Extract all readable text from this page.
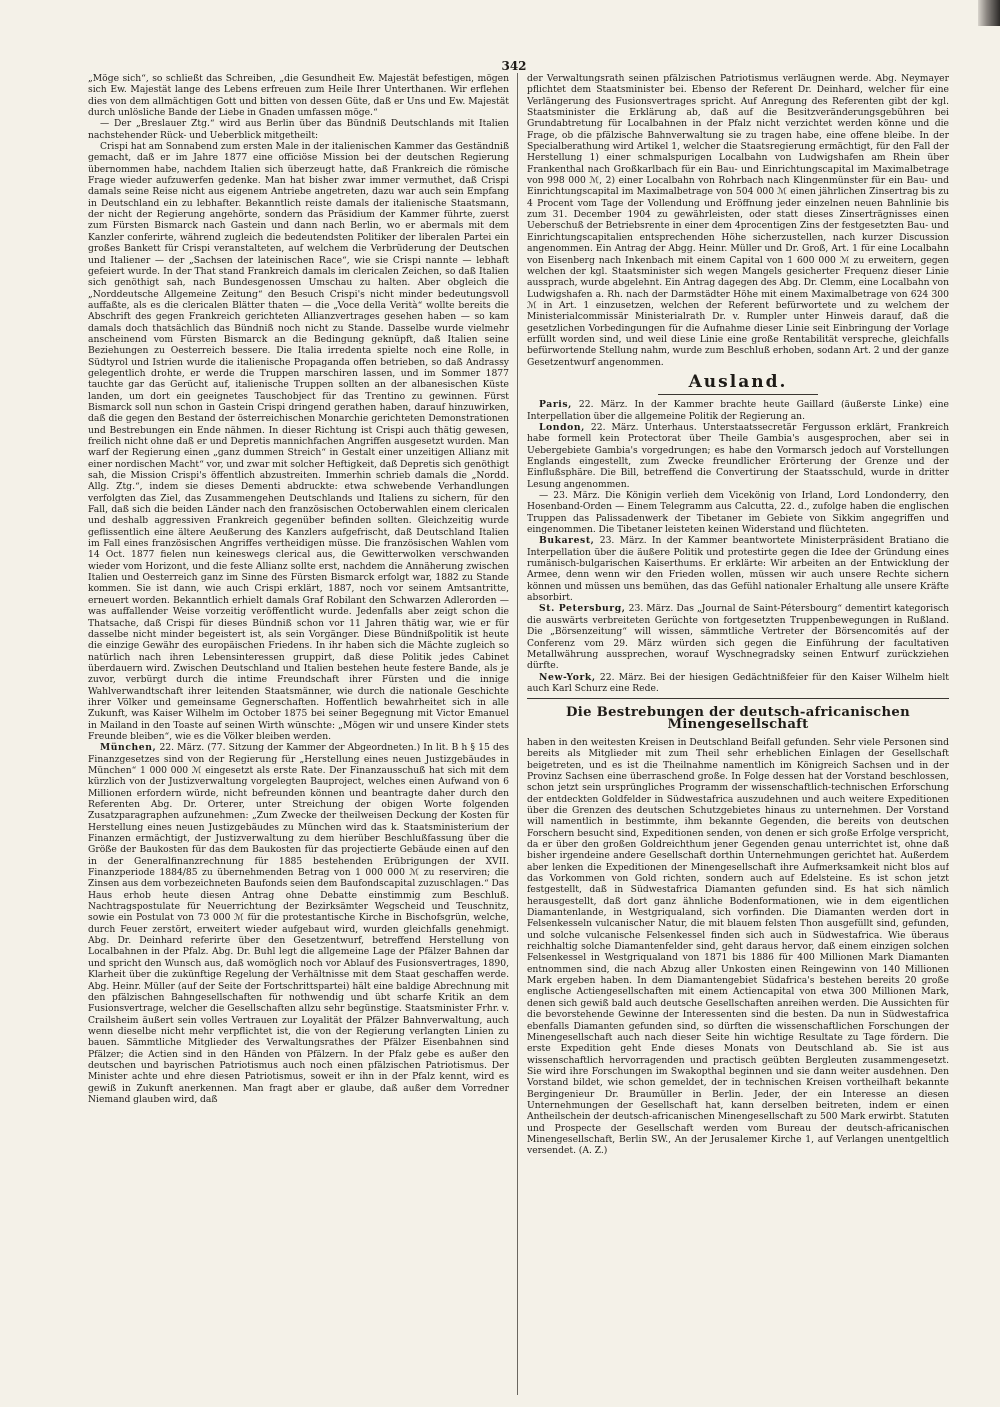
342

„Möge sich“, so schließt das Schreiben, „die Gesundheit Ew. Majestät befestigen, mögen sich Ew. Majestät lange des Lebens erfreuen zum Heile Ihrer Unterthanen. Wir erflehen dies von dem allmächtigen Gott und bitten von dessen Güte, daß er Uns und Ew. Majestät durch unlösliche Bande der Liebe in Gnaden umfassen möge.“

— Der „Breslauer Ztg.“ wird aus Berlin über das Bündniß Deutschlands mit Italien nachstehender Rück- und Ueberblick mitgetheilt:

Crispi hat am Sonnabend zum ersten Male in der italienischen Kammer das Geständniß gemacht, daß er im Jahre 1877 eine officiöse Mission bei der deutschen Regierung übernommen habe, nachdem Italien sich überzeugt hatte, daß Frankreich die römische Frage wieder aufzuwerfen gedenke. Man hat bisher zwar immer vermuthet, daß Crispi damals seine Reise nicht aus eigenem Antriebe angetreten, dazu war auch sein Empfang in Deutschland ein zu lebhafter. Bekanntlich reiste damals der italienische Staatsmann, der nicht der Regierung angehörte, sondern das Präsidium der Kammer führte, zuerst zum Fürsten Bismarck nach Gastein und dann nach Berlin, wo er abermals mit dem Kanzler conferirte, während zugleich die bedeutendsten Politiker der liberalen Partei ein großes Bankett für Crispi veranstalteten, auf welchem die Verbrüderung der Deutschen und Italiener — der „Sachsen der lateinischen Race“, wie sie Crispi nannte — lebhaft gefeiert wurde. In der That stand Frankreich damals im clericalen Zeichen, so daß Italien sich genöthigt sah, nach Bundesgenossen Umschau zu halten. Aber obgleich die „Norddeutsche Allgemeine Zeitung“ den Besuch Crispi's nicht minder bedeutungsvoll auffaßte, als es die clericalen Blätter thaten — die „Voce della Verità“ wollte bereits die Abschrift des gegen Frankreich gerichteten Allianzvertrages gesehen haben — so kam damals doch thatsächlich das Bündniß noch nicht zu Stande. Dasselbe wurde vielmehr anscheinend vom Fürsten Bismarck an die Bedingung geknüpft, daß Italien seine Beziehungen zu Oesterreich bessere. Die Italia irredenta spielte noch eine Rolle, in Südtyrol und Istrien wurde die italienische Propaganda offen betrieben, so daß Andrassy gelegentlich drohte, er werde die Truppen marschiren lassen, und im Sommer 1877 tauchte gar das Gerücht auf, italienische Truppen sollten an der albanesischen Küste landen, um dort ein geeignetes Tauschobject für das Trentino zu gewinnen. Fürst Bismarck soll nun schon in Gastein Crispi dringend gerathen haben, darauf hinzuwirken, daß die gegen den Bestand der österreichischen Monarchie gerichteten Demonstrationen und Bestrebungen ein Ende nähmen. In dieser Richtung ist Crispi auch thätig gewesen, freilich nicht ohne daß er und Depretis mannichfachen Angriffen ausgesetzt wurden. Man warf der Regierung einen „ganz dummen Streich“ in Gestalt einer unzeitigen Allianz mit einer nordischen Macht“ vor, und zwar mit solcher Heftigkeit, daß Depretis sich genöthigt sah, die Mission Crispi's öffentlich abzustreiten. Immerhin schrieb damals die „Nordd. Allg. Ztg.“, indem sie dieses Dementi abdruckte: etwa schwebende Verhandlungen verfolgten das Ziel, das Zusammengehen Deutschlands und Italiens zu sichern, für den Fall, daß sich die beiden Länder nach den französischen Octoberwahlen einem clericalen und deshalb aggressiven Frankreich gegenüber befinden sollten. Gleichzeitig wurde geflissentlich eine ältere Aeußerung des Kanzlers aufgefrischt, daß Deutschland Italien im Fall eines französischen Angriffes vertheidigen müsse. Die französischen Wahlen vom 14 Oct. 1877 fielen nun keineswegs clerical aus, die Gewitterwolken verschwanden wieder vom Horizont, und die feste Allianz sollte erst, nachdem die Annäherung zwischen Italien und Oesterreich ganz im Sinne des Fürsten Bismarck erfolgt war, 1882 zu Stande kommen. Sie ist dann, wie auch Crispi erklärt, 1887, noch vor seinem Amtsantritte, erneuert worden. Bekanntlich erhielt damals Graf Robilant den Schwarzen Adlerorden — was auffallender Weise vorzeitig veröffentlicht wurde. Jedenfalls aber zeigt schon die Thatsache, daß Crispi für dieses Bündniß schon vor 11 Jahren thätig war, wie er für dasselbe nicht minder begeistert ist, als sein Vorgänger. Diese Bündnißpolitik ist heute die einzige Gewähr des europäischen Friedens. In ihr haben sich die Mächte zugleich so natürlich nach ihren Lebensinteressen gruppirt, daß diese Politik jedes Cabinet überdauern wird. Zwischen Deutschland und Italien bestehen heute festere Bande, als je zuvor, verbürgt durch die intime Freundschaft ihrer Fürsten und die innige Wahlverwandtschaft ihrer leitenden Staatsmänner, wie durch die nationale Geschichte ihrer Völker und gemeinsame Gegnerschaften. Hoffentlich bewahrheitet sich in alle Zukunft, was Kaiser Wilhelm im October 1875 bei seiner Begegnung mit Victor Emanuel in Mailand in den Toaste auf seinen Wirth wünschte: „Mögen wir und unsere Kinder stets Freunde bleiben“, wie es die Völker bleiben werden.

München, 22. März. (77. Sitzung der Kammer der Abgeordneten.) In lit. B h § 15 des Finanzgesetzes sind von der Regierung für „Herstellung eines neuen Justizgebäudes in München“ 1 000 000 ℳ eingesetzt als erste Rate. Der Finanzausschuß hat sich mit dem kürzlich von der Justizverwaltung vorgelegten Bauproject, welches einen Aufwand von 6 Millionen erfordern würde, nicht befreunden können und beantragte daher durch den Referenten Abg. Dr. Orterer, unter Streichung der obigen Worte folgenden Zusatzparagraphen aufzunehmen: „Zum Zwecke der theilweisen Deckung der Kosten für Herstellung eines neuen Justizgebäudes zu München wird das k. Staatsministerium der Finanzen ermächtigt, der Justizverwaltung zu dem hierüber Beschlußfassung über die Größe der Baukosten für das dem Baukosten für das projectierte Gebäude einen auf den in der Generalfinanzrechnung für 1885 bestehenden Erübrigungen der XVII. Finanzperiode 1884/85 zu übernehmenden Betrag von 1 000 000 ℳ zu reserviren; die Zinsen aus dem vorbezeichneten Baufonds seien dem Baufondscapital zuzuschlagen.“ Das Haus erhob heute diesen Antrag ohne Debatte einstimmig zum Beschluß. Nachtragspostulate für Neuerrichtung der Bezirksämter Wegscheid und Teuschnitz, sowie ein Postulat von 73 000 ℳ für die protestantische Kirche in Bischofsgrün, welche, durch Feuer zerstört, erweitert wieder aufgebaut wird, wurden gleichfalls genehmigt. Abg. Dr. Deinhard referirte über den Gesetzentwurf, betreffend Herstellung von Localbahnen in der Pfalz. Abg. Dr. Buhl legt die allgemeine Lage der Pfälzer Bahnen dar und spricht den Wunsch aus, daß womöglich noch vor Ablauf des Fusionsvertrages, 1890, Klarheit über die zukünftige Regelung der Verhältnisse mit dem Staat geschaffen werde. Abg. Heinr. Müller (auf der Seite der Fortschrittspartei) hält eine baldige Abrechnung mit den pfälzischen Bahngesellschaften für nothwendig und übt scharfe Kritik an dem Fusionsvertrage, welcher die Gesellschaften allzu sehr begünstige. Staatsminister Frhr. v. Crailsheim äußert sein volles Vertrauen zur Loyalität der Pfälzer Bahnverwaltung, auch wenn dieselbe nicht mehr verpflichtet ist, die von der Regierung verlangten Linien zu bauen. Sämmtliche Mitglieder des Verwaltungsrathes der Pfälzer Eisenbahnen sind Pfälzer; die Actien sind in den Händen von Pfälzern. In der Pfalz gebe es außer den deutschen und bayrischen Patriotismus auch noch einen pfälzischen Patriotismus. Der Minister achte und ehre diesen Patriotismus, soweit er ihn in der Pfalz kennt, wird es gewiß in Zukunft anerkennen. Man fragt aber er glaube, daß außer dem Vorredner Niemand glauben wird, daß

der Verwaltungsrath seinen pfälzischen Patriotismus verläugnen werde. Abg. Neymayer pflichtet dem Staatsminister bei. Ebenso der Referent Dr. Deinhard, welcher für eine Verlängerung des Fusionsvertrages spricht. Auf Anregung des Referenten gibt der kgl. Staatsminister die Erklärung ab, daß auf die Besitzveränderungsgebühren bei Grundabtretung für Localbahnen in der Pfalz nicht verzichtet werden könne und die Frage, ob die pfälzische Bahnverwaltung sie zu tragen habe, eine offene bleibe. In der Specialberathung wird Artikel 1, welcher die Staatsregierung ermächtigt, für den Fall der Herstellung 1) einer schmalspurigen Localbahn von Ludwigshafen am Rhein über Frankenthal nach Großkarlbach für ein Bau- und Einrichtungscapital im Maximalbetrage von 998 000 ℳ, 2) einer Localbahn von Rohrbach nach Klingenmünster für ein Bau- und Einrichtungscapital im Maximalbetrage von 504 000 ℳ einen jährlichen Zinsertrag bis zu 4 Procent vom Tage der Vollendung und Eröffnung jeder einzelnen neuen Bahnlinie bis zum 31. December 1904 zu gewährleisten, oder statt dieses Zinserträgnisses einen Ueberschuß der Betriebsrente in einer dem 4procentigen Zins der festgesetzten Bau- und Einrichtungscapitalien entsprechenden Höhe sicherzustellen, nach kurzer Discussion angenommen. Ein Antrag der Abgg. Heinr. Müller und Dr. Groß, Art. 1 für eine Localbahn von Eisenberg nach Inkenbach mit einem Capital von 1 600 000 ℳ zu erweitern, gegen welchen der kgl. Staatsminister sich wegen Mangels gesicherter Frequenz dieser Linie aussprach, wurde abgelehnt. Ein Antrag dagegen des Abg. Dr. Clemm, eine Localbahn von Ludwigshafen a. Rh. nach der Darmstädter Höhe mit einem Maximalbetrage von 624 300 ℳ in Art. 1 einzusetzen, welchen der Referent befürwortete und zu welchem der Ministerialcommissär Ministerialrath Dr. v. Rumpler unter Hinweis darauf, daß die gesetzlichen Vorbedingungen für die Aufnahme dieser Linie seit Einbringung der Vorlage erfüllt worden sind, und weil diese Linie eine große Rentabilität verspreche, gleichfalls befürwortende Stellung nahm, wurde zum Beschluß erhoben, sodann Art. 2 und der ganze Gesetzentwurf angenommen.

Ausland.

Paris, 22. März. In der Kammer brachte heute Gaillard (äußerste Linke) eine Interpellation über die allgemeine Politik der Regierung an.

London, 22. März. Unterhaus. Unterstaatssecretär Fergusson erklärt, Frankreich habe formell kein Protectorat über Theile Gambia's ausgesprochen, aber sei in Uebergebiete Gambia's vorgedrungen; es habe den Vormarsch jedoch auf Vorstellungen Englands eingestellt, zum Zwecke freundlicher Erörterung der Grenze und der Einflußsphäre. Die Bill, betreffend die Convertirung der Staatsschuld, wurde in dritter Lesung angenommen.

— 23. März. Die Königin verlieh dem Vicekönig von Irland, Lord Londonderry, den Hosenband-Orden — Einem Telegramm aus Calcutta, 22. d., zufolge haben die englischen Truppen das Palissadenwerk der Tibetaner im Gebiete von Sikkim angegriffen und eingenommen. Die Tibetaner leisteten keinen Widerstand und flüchteten.

Bukarest, 23. März. In der Kammer beantwortete Ministerpräsident Bratiano die Interpellation über die äußere Politik und protestirte gegen die Idee der Gründung eines rumänisch-bulgarischen Kaiserthums. Er erklärte: Wir arbeiten an der Entwicklung der Armee, denn wenn wir den Frieden wollen, müssen wir auch unsere Rechte sichern können und müssen uns bemühen, das das Gefühl nationaler Erhaltung alle unsere Kräfte absorbirt.

St. Petersburg, 23. März. Das „Journal de Saint-Pétersbourg“ dementirt kategorisch die auswärts verbreiteten Gerüchte von fortgesetzten Truppenbewegungen in Rußland. Die „Börsenzeitung“ will wissen, sämmtliche Vertreter der Börsencomités auf der Conferenz vom 29. März würden sich gegen die Einführung der facultativen Metallwährung aussprechen, worauf Wyschnegradsky seinen Entwurf zurückziehen dürfte.

New-York, 22. März. Bei der hiesigen Gedächtnißfeier für den Kaiser Wilhelm hielt auch Karl Schurz eine Rede.

Die Bestrebungen der deutsch-africanischen Minengesellschaft

haben in den weitesten Kreisen in Deutschland Beifall gefunden. Sehr viele Personen sind bereits als Mitglieder mit zum Theil sehr erheblichen Einlagen der Gesellschaft beigetreten, und es ist die Theilnahme namentlich im Königreich Sachsen und in der Provinz Sachsen eine überraschend große. In Folge dessen hat der Vorstand beschlossen, schon jetzt sein ursprüngliches Programm der wissenschaftlich-technischen Erforschung der entdeckten Goldfelder in Südwestafrica auszudehnen und auch weitere Expeditionen über die Grenzen des deutschen Schutzgebietes hinaus zu unternehmen. Der Vorstand will namentlich in bestimmte, ihm bekannte Gegenden, die bereits von deutschen Forschern besucht sind, Expeditionen senden, von denen er sich große Erfolge verspricht, da er über den großen Goldreichthum jener Gegenden genau unterrichtet ist, ohne daß bisher irgendeine andere Gesellschaft dorthin Unternehmungen gerichtet hat. Außerdem aber lenken die Expeditionen der Minengesellschaft ihre Aufmerksamkeit nicht blos auf das Vorkommen von Gold richten, sondern auch auf Edelsteine. Es ist schon jetzt festgestellt, daß in Südwestafrica Diamanten gefunden sind. Es hat sich nämlich herausgestellt, daß dort ganz ähnliche Bodenformationen, wie in dem eigentlichen Diamantenlande, in Westgriqualand, sich vorfinden. Die Diamanten werden dort in Felsenkesseln vulcanischer Natur, die mit blauem felsten Thon ausgefüllt sind, gefunden, und solche vulcanische Felsenkessel finden sich auch in Südwestafrica. Wie überaus reichhaltig solche Diamantenfelder sind, geht daraus hervor, daß einem einzigen solchen Felsenkessel in Westgriqualand von 1871 bis 1886 für 400 Millionen Mark Diamanten entnommen sind, die nach Abzug aller Unkosten einen Reingewinn von 140 Millionen Mark ergeben haben. In dem Diamantengebiet Südafrica's bestehen bereits 20 große englische Actiengesellschaften mit einem Actiencapital von etwa 300 Millionen Mark, denen sich gewiß bald auch deutsche Gesellschaften anreihen werden. Die Aussichten für die bevorstehende Gewinne der Interessenten sind die besten. Da nun in Südwestafrica ebenfalls Diamanten gefunden sind, so dürften die wissenschaftlichen Forschungen der Minengesellschaft auch nach dieser Seite hin wichtige Resultate zu Tage fördern. Die erste Expedition geht Ende dieses Monats von Deutschland ab. Sie ist aus wissenschaftlich hervorragenden und practisch geübten Bergleuten zusammengesetzt. Sie wird ihre Forschungen im Swakopthal beginnen und sie dann weiter ausdehnen. Den Vorstand bildet, wie schon gemeldet, der in technischen Kreisen vortheilhaft bekannte Bergingenieur Dr. Braumüller in Berlin. Jeder, der ein Interesse an diesen Unternehmungen der Gesellschaft hat, kann derselben beitreten, indem er einen Antheilschein der deutsch-africanischen Minengesellschaft zu 500 Mark erwirbt. Statuten und Prospecte der Gesellschaft werden vom Bureau der deutsch-africanischen Minengesellschaft, Berlin SW., An der Jerusalemer Kirche 1, auf Verlangen unentgeltlich versendet. (A. Z.)
